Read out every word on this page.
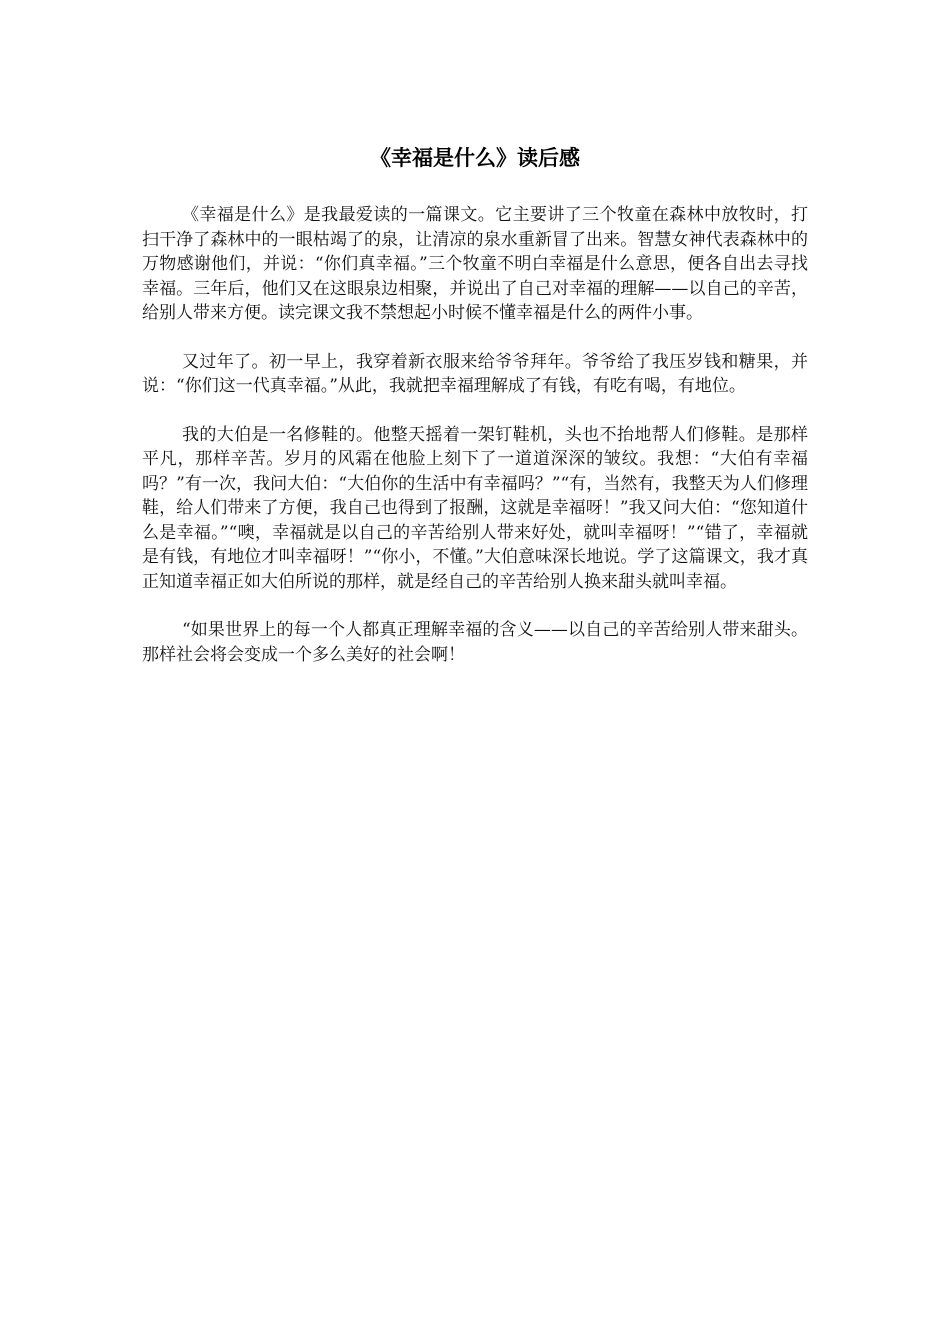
《幸福是什么》读后感

《幸福是什么》是我最爱读的一篇课文。它主要讲了三个牧童在森林中放牧时，打扫干净了森林中的一眼枯竭了的泉，让清凉的泉水重新冒了出来。智慧女神代表森林中的万物感谢他们，并说：“你们真幸福。”三个牧童不明白幸福是什么意思，便各自出去寻找幸福。三年后，他们又在这眼泉边相聚，并说出了自己对幸福的理解——以自己的辛苦，给别人带来方便。读完课文我不禁想起小时候不懂幸福是什么的两件小事。

又过年了。初一早上，我穿着新衣服来给爷爷拜年。爷爷给了我压岁钱和糖果，并说：“你们这一代真幸福。”从此，我就把幸福理解成了有钱，有吃有喝，有地位。

我的大伯是一名修鞋的。他整天摇着一架钉鞋机，头也不抬地帮人们修鞋。是那样平凡，那样辛苦。岁月的风霜在他脸上刻下了一道道深深的皱纹。我想：“大伯有幸福吗？”有一次，我问大伯：“大伯你的生活中有幸福吗？”“有，当然有，我整天为人们修理鞋，给人们带来了方便，我自己也得到了报酬，这就是幸福呀！”我又问大伯：“您知道什么是幸福。”“噢，幸福就是以自己的辛苦给别人带来好处，就叫幸福呀！”“错了，幸福就是有钱，有地位才叫幸福呀！”“你小，不懂。”大伯意味深长地说。学了这篇课文，我才真正知道幸福正如大伯所说的那样，就是经自己的辛苦给别人换来甜头就叫幸福。

“如果世界上的每一个人都真正理解幸福的含义——以自己的辛苦给别人带来甜头。那样社会将会变成一个多么美好的社会啊！
